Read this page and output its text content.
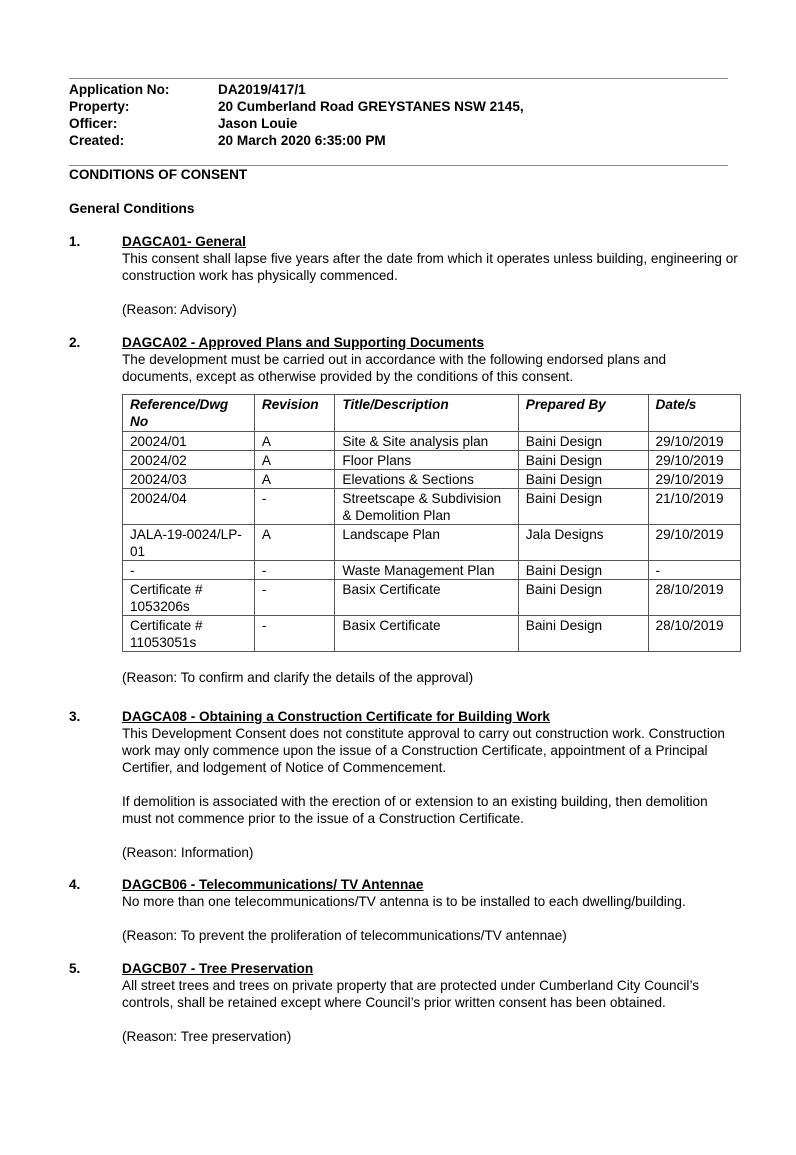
Application No:	DA2019/417/1
Property:	20 Cumberland Road GREYSTANES NSW 2145,
Officer:	Jason Louie
Created:	20 March 2020 6:35:00 PM
CONDITIONS OF CONSENT
General Conditions
1.	DAGCA01- General

This consent shall lapse five years after the date from which it operates unless building, engineering or construction work has physically commenced.

(Reason: Advisory)

2.	DAGCA02 - Approved Plans and Supporting Documents

The development must be carried out in accordance with the following endorsed plans and documents, except as otherwise provided by the conditions of this consent.

Reference/Dwg No	Revision	Title/Description	Prepared By	Date/s
20024/01	A	Site & Site analysis plan	Baini Design	29/10/2019
20024/02	A	Floor Plans	Baini Design	29/10/2019
20024/03	A	Elevations & Sections	Baini Design	29/10/2019
20024/04	-	Streetscape & Subdivision & Demolition Plan	Baini Design	21/10/2019
JALA-19-0024/LP-01	A	Landscape Plan	Jala Designs	29/10/2019
-	-	Waste Management Plan	Baini Design	-
Certificate # 1053206s	-	Basix Certificate	Baini Design	28/10/2019
Certificate # 11053051s	-	Basix Certificate	Baini Design	28/10/2019

(Reason: To confirm and clarify the details of the approval)

3.	DAGCA08 - Obtaining a Construction Certificate for Building Work

This Development Consent does not constitute approval to carry out construction work. Construction work may only commence upon the issue of a Construction Certificate, appointment of a Principal Certifier, and lodgement of Notice of Commencement.

If demolition is associated with the erection of or extension to an existing building, then demolition must not commence prior to the issue of a Construction Certificate.

(Reason: Information)

4.	DAGCB06 - Telecommunications/ TV Antennae

No more than one telecommunications/TV antenna is to be installed to each dwelling/building.

(Reason: To prevent the proliferation of telecommunications/TV antennae)

5.	DAGCB07 - Tree Preservation

All street trees and trees on private property that are protected under Cumberland City Council’s controls, shall be retained except where Council’s prior written consent has been obtained.

(Reason: Tree preservation)
